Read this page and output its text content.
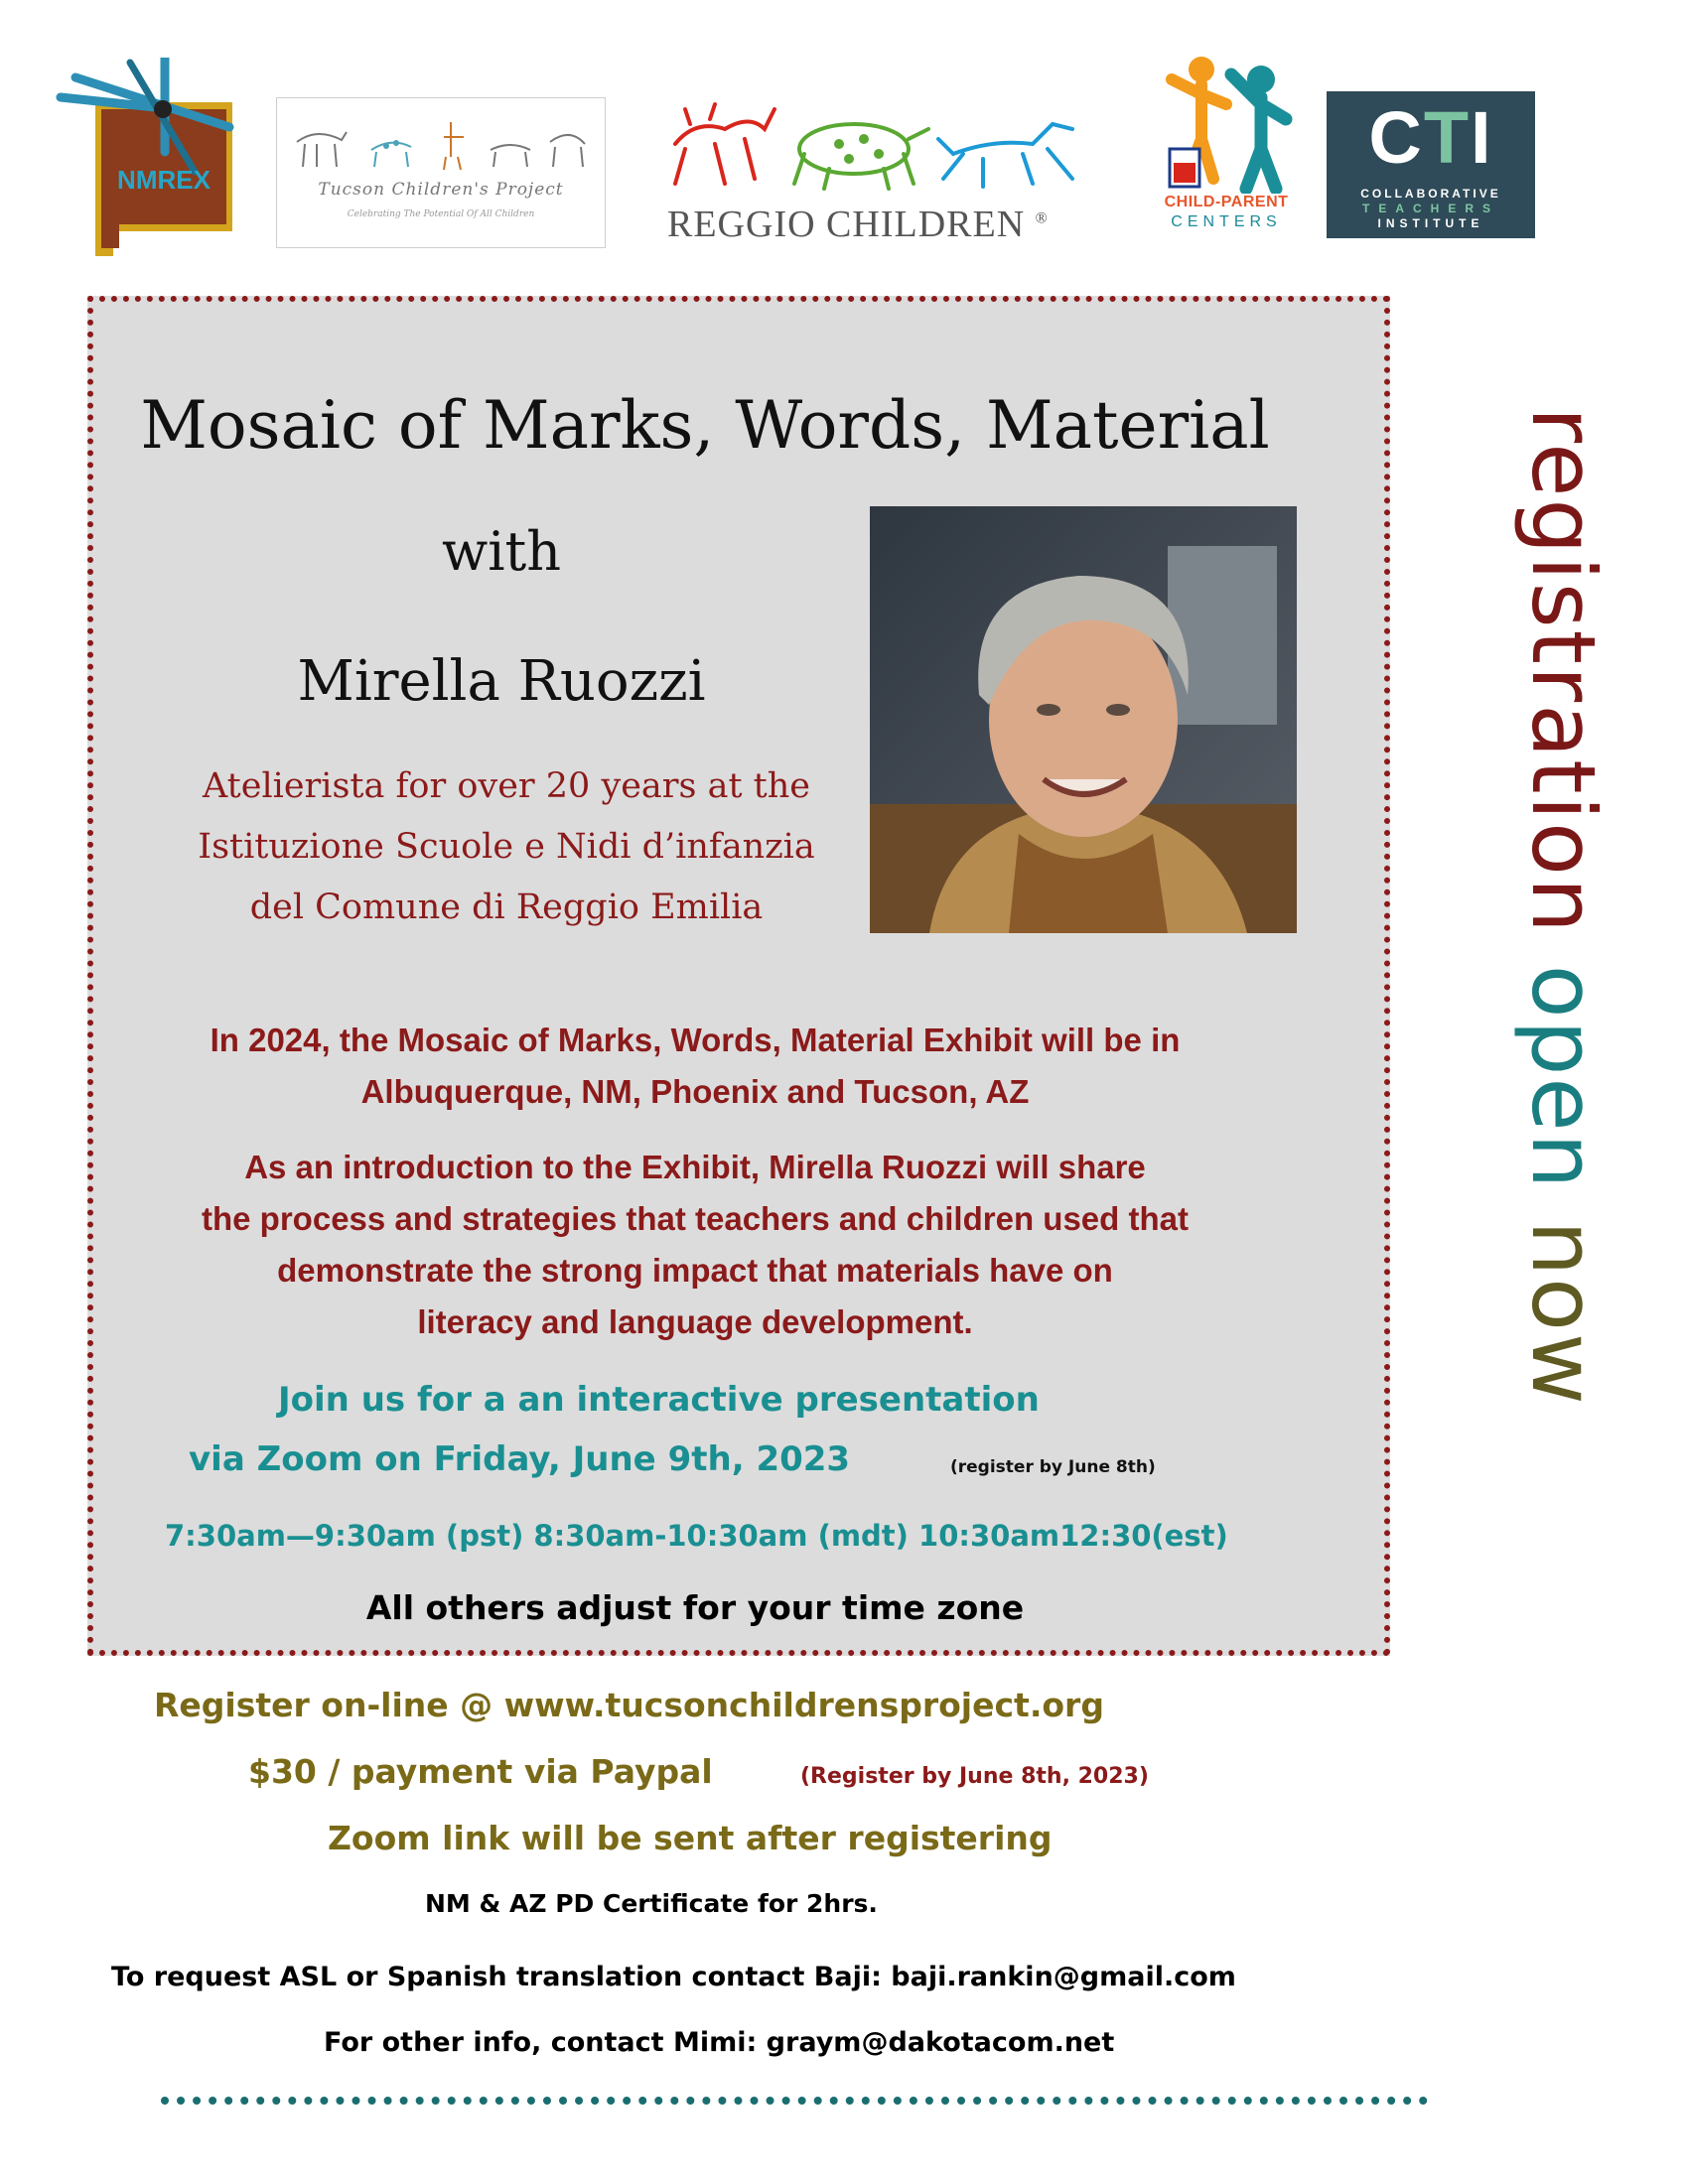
NMREX	Tucson Children's Project
Celebrating The Potential Of All Children	REGGIO CHILDREN ®
CHILD-PARENT
CENTERS
CTI
COLLABORATIVE
TEACHERS
INSTITUTE
Mosaic of Marks, Words, Material
with
Mirella Ruozzi
Atelierista for over 20 years at the
Istituzione Scuole e Nidi d’infanzia
del Comune di Reggio Emilia
In 2024, the Mosaic of Marks, Words, Material Exhibit will be in
Albuquerque, NM, Phoenix and Tucson, AZ
As an introduction to the Exhibit, Mirella Ruozzi will share
the process and strategies that teachers and children used that
demonstrate the strong impact that materials have on
literacy and language development.
Join us for a an interactive presentation
via Zoom on Friday, June 9th, 2023	(register by June 8th)
7:30am—9:30am (pst) 8:30am-10:30am (mdt) 10:30am12:30(est)
All others adjust for your time zone
Register on-line @ www.tucsonchildrensproject.org
$30 / payment via Paypal	(Register by June 8th, 2023)
Zoom link will be sent after registering
NM & AZ PD Certificate for 2hrs.
To request ASL or Spanish translation contact Baji: baji.rankin@gmail.com
For other info, contact Mimi: graym@dakotacom.net
registration open now
